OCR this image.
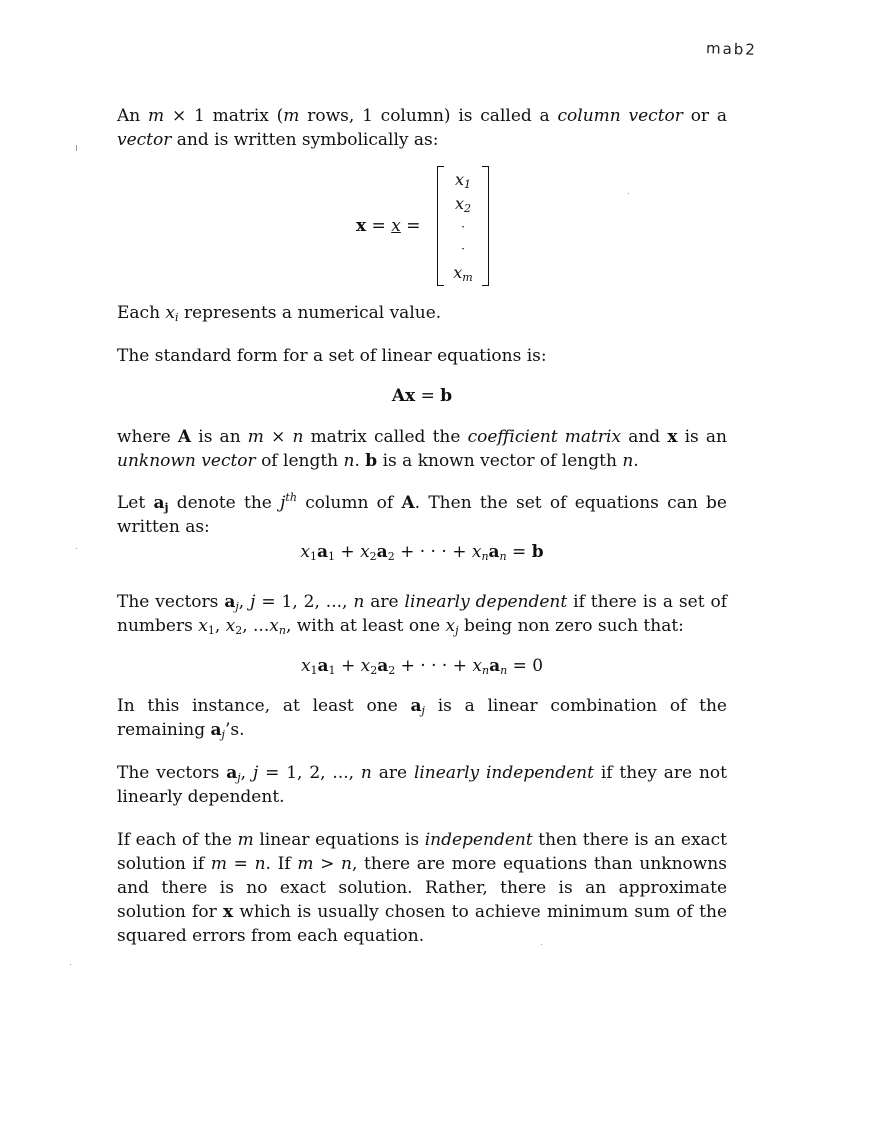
mab2

An m × 1 matrix (m rows, 1 column) is called a column vector or a vector and is written symbolically as:

x = x =
$x_1$
$x_2$
·
·
$x_m$

Each $x_i$ represents a numerical value.

The standard form for a set of linear equations is:

Ax = b

where A is an m × n matrix called the coefficient matrix and x is an unknown vector of length n. b is a known vector of length n.

Let $a_j$ denote the $j^{th}$ column of A. Then the set of equations can be written as:

$x_1a_1 + x_2a_2$ + · · · + $x_na_n = b$

The vectors $a_j$, j = 1, 2, ..., n are linearly dependent if there is a set of numbers $x_1$, $x_2$, $...x_n$, with at least one $x_j$ being non zero such that:

$x_1a_1 + x_2a_2$ + · · · + $x_na_n = 0$

In this instance, at least one $a_j$ is a linear combination of the remaining $a_j’s$.

The vectors $a_j$, j = 1, 2, ..., n are linearly independent if they are not linearly dependent.

If each of the m linear equations is independent then there is an exact solution if m = n. If m > n, there are more equations than unknowns and there is no exact solution. Rather, there is an approximate solution for x which is usually chosen to achieve minimum sum of the squared errors from each equation.
